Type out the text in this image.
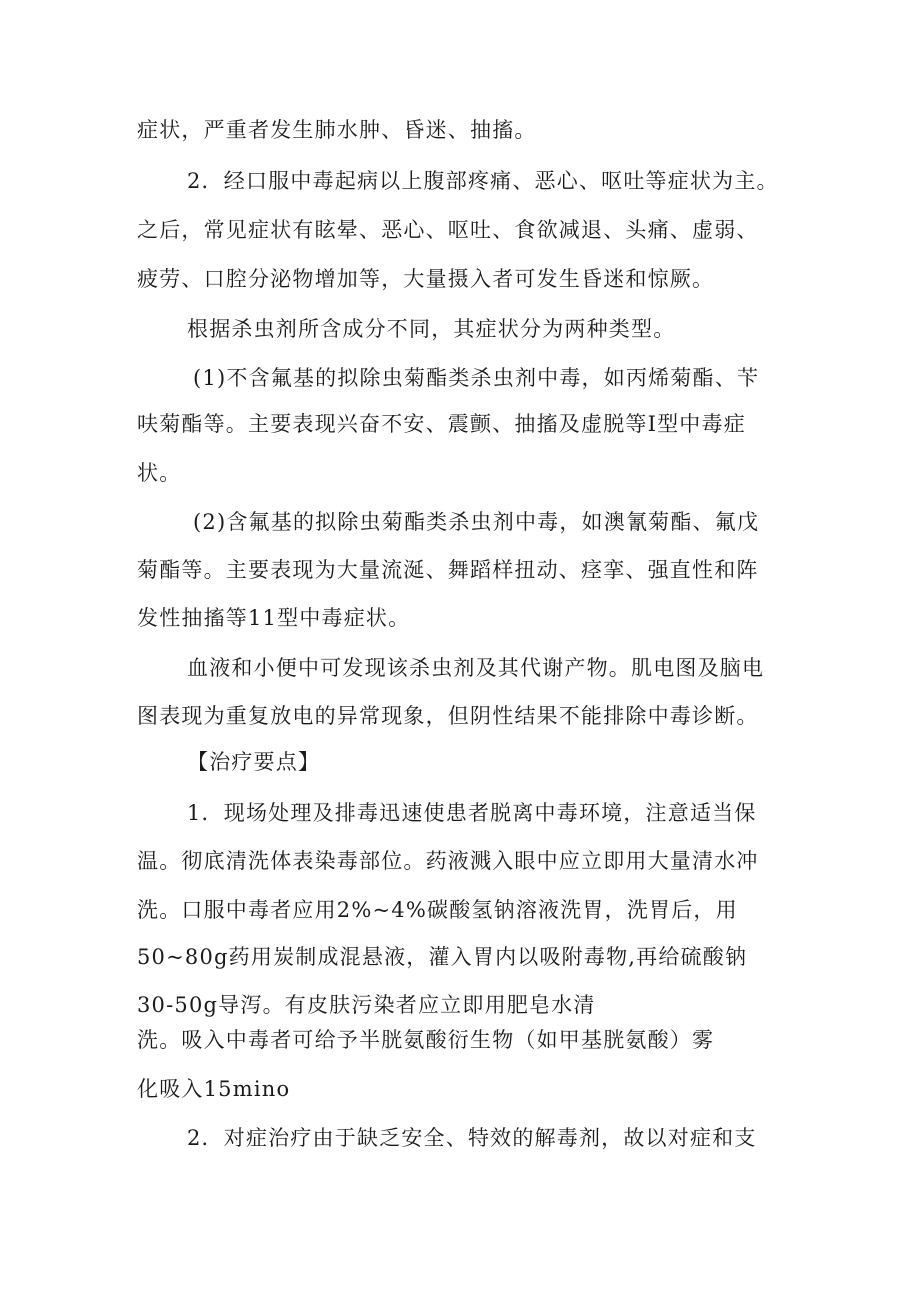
症状，严重者发生肺水肿、昏迷、抽搐。
2．经口服中毒起病以上腹部疼痛、恶心、呕吐等症状为主。
之后，常见症状有眩晕、恶心、呕吐、食欲减退、头痛、虚弱、
疲劳、口腔分泌物增加等，大量摄入者可发生昏迷和惊厥。
根据杀虫剂所含成分不同，其症状分为两种类型。
(1)不含氟基的拟除虫菊酯类杀虫剂中毒，如丙烯菊酯、苄
呋菊酯等。主要表现兴奋不安、震颤、抽搐及虚脱等I型中毒症
状。
(2)含氟基的拟除虫菊酯类杀虫剂中毒，如澳氰菊酯、氟戊
菊酯等。主要表现为大量流涎、舞蹈样扭动、痉挛、强直性和阵
发性抽搐等11型中毒症状。
血液和小便中可发现该杀虫剂及其代谢产物。肌电图及脑电
图表现为重复放电的异常现象，但阴性结果不能排除中毒诊断。
【治疗要点】
1．现场处理及排毒迅速使患者脱离中毒环境，注意适当保
温。彻底清洗体表染毒部位。药液溅入眼中应立即用大量清水冲
洗。口服中毒者应用2%~4%碳酸氢钠溶液洗胃，洗胃后，用
50~80g药用炭制成混悬液，灌入胃内以吸附毒物,再给硫酸钠
30-50g导泻。有皮肤污染者应立即用肥皂水清
洗。吸入中毒者可给予半胱氨酸衍生物（如甲基胱氨酸）雾
化吸入15mino
2．对症治疗由于缺乏安全、特效的解毒剂，故以对症和支
